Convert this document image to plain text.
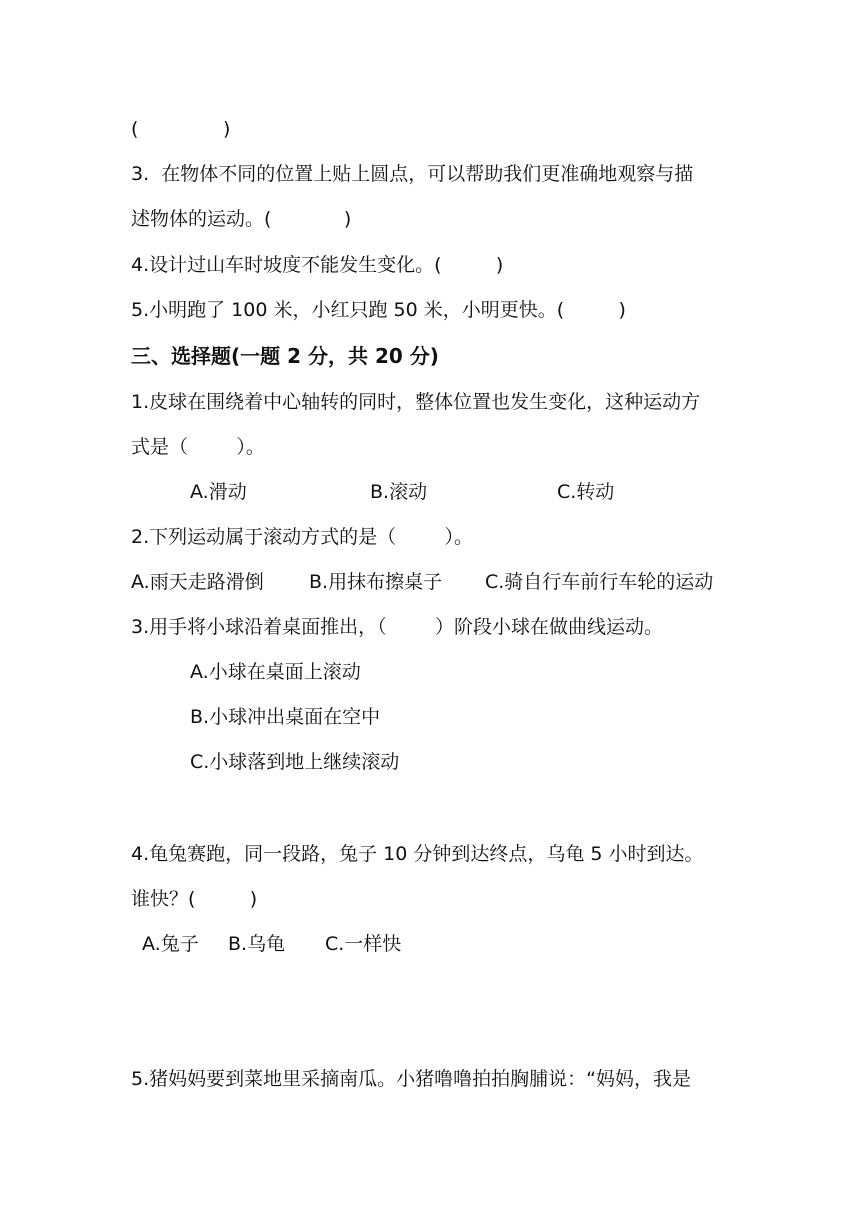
(              )
3.  在物体不同的位置上贴上圆点，可以帮助我们更准确地观察与描
述物体的运动。(            )
4.设计过山车时坡度不能发生变化。(         )
5.小明跑了 100 米，小红只跑 50 米，小明更快。(         )
三、选择题(一题 2 分，共 20 分)
1.皮球在围绕着中心轴转的同时，整体位置也发生变化，这种运动方
式是（        ）。
A.滑动	B.滚动	C.转动
2.下列运动属于滚动方式的是（        ）。
A.雨天走路滑倒 B.用抹布擦桌子 C.骑自行车前行车轮的运动
3.用手将小球沿着桌面推出，（        ）阶段小球在做曲线运动。
A.小球在桌面上滚动
B.小球冲出桌面在空中
C.小球落到地上继续滚动
4.龟兔赛跑，同一段路，兔子 10 分钟到达终点，乌龟 5 小时到达。
谁快？(         )
A.兔子 B.乌龟 C.一样快
5.猪妈妈要到菜地里采摘南瓜。小猪噜噜拍拍胸脯说：“妈妈，我是
